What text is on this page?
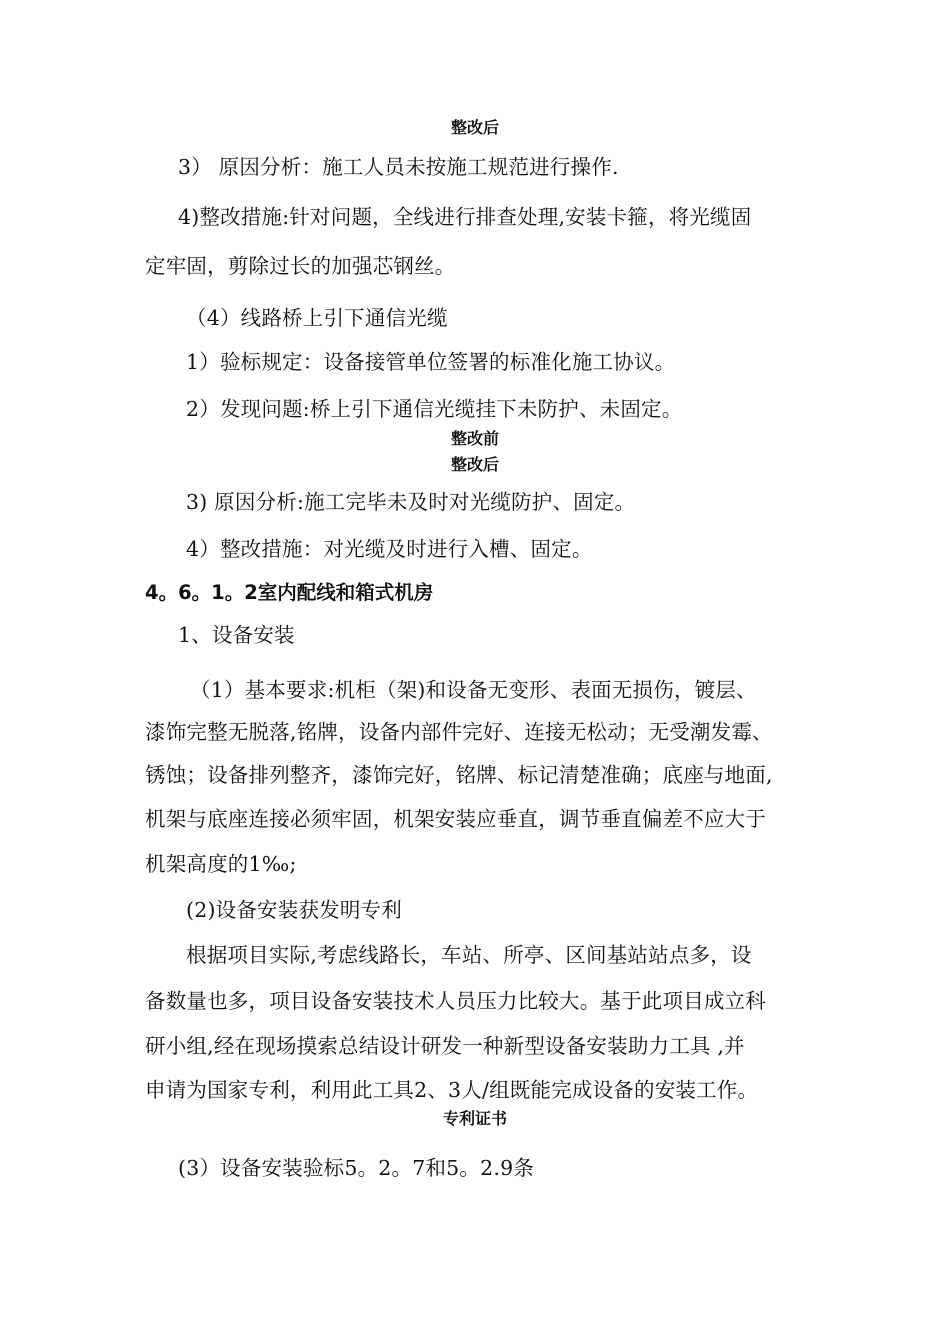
整改后
3） 原因分析：施工人员未按施工规范进行操作.
4)整改措施:针对问题，全线进行排查处理,安装卡箍，将光缆固
定牢固，剪除过长的加强芯钢丝。
（4）线路桥上引下通信光缆
1）验标规定：设备接管单位签署的标准化施工协议。
2）发现问题:桥上引下通信光缆挂下未防护、未固定。
整改前
整改后
3) 原因分析:施工完毕未及时对光缆防护、固定。
4）整改措施：对光缆及时进行入槽、固定。
4。6。1。2室内配线和箱式机房
1、设备安装
（1）基本要求:机柜（架)和设备无变形、表面无损伤，镀层、
漆饰完整无脱落,铭牌，设备内部件完好、连接无松动；无受潮发霉、
锈蚀；设备排列整齐，漆饰完好，铭牌、标记清楚准确；底座与地面,
机架与底座连接必须牢固，机架安装应垂直，调节垂直偏差不应大于
机架高度的1‰;
(2)设备安装获发明专利
根据项目实际,考虑线路长，车站、所亭、区间基站站点多，设
备数量也多，项目设备安装技术人员压力比较大。基于此项目成立科
研小组,经在现场摸索总结设计研发一种新型设备安装助力工具 ,并
申请为国家专利，利用此工具2、3人/组既能完成设备的安装工作。
专利证书
(3）设备安装验标5。2。7和5。2.9条
